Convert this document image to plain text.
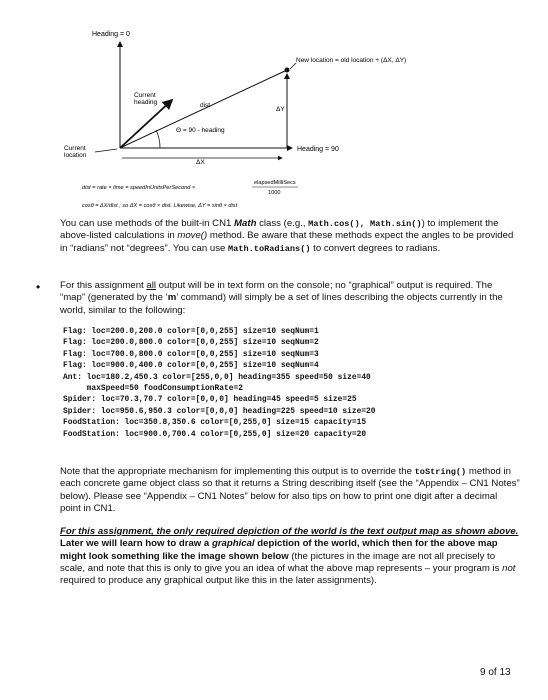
Heading = 0
Heading = 90
Current
heading	dist
ΔY
New location = old location + (ΔX, ΔY)
Θ = 90 - heading
ΔX
Current
location
dist = rate × time = speedInUnitsPerSecond ×
elapsedMilliSecs
1000
cosθ = ΔX/dist ; so ΔX = cosθ × dist. Likewise, ΔY = sinθ × dist
You can use methods of the built-in CN1 Math class (e.g., Math.cos(), Math.sin()) to implement the above-listed calculations in move() method. Be aware that these methods expect the angles to be provided in “radians” not “degrees”. You can use Math.toRadians() to convert degrees to radians.
• For this assignment all output will be in text form on the console; no “graphical” output is required. The “map” (generated by the ‘m’ command) will simply be a set of lines describing the objects currently in the world, similar to the following:
Flag: loc=200.0,200.0 color=[0,0,255] size=10 seqNum=1
Flag: loc=200.0,800.0 color=[0,0,255] size=10 seqNum=2
Flag: loc=700.0,800.0 color=[0,0,255] size=10 seqNum=3
Flag: loc=900.0,400.0 color=[0,0,255] size=10 seqNum=4
Ant: loc=180.2,450.3 color=[255,0,0] heading=355 speed=50 size=40
maxSpeed=50 foodConsumptionRate=2
Spider: loc=70.3,70.7 color=[0,0,0] heading=45 speed=5 size=25
Spider: loc=950.6,950.3 color=[0,0,0] heading=225 speed=10 size=20
FoodStation: loc=350.8,350.6 color=[0,255,0] size=15 capacity=15
FoodStation: loc=900.0,700.4 color=[0,255,0] size=20 capacity=20
Note that the appropriate mechanism for implementing this output is to override the toString() method in each concrete game object class so that it returns a String describing itself (see the “Appendix – CN1 Notes” below). Please see “Appendix – CN1 Notes” below for also tips on how to print one digit after a decimal point in CN1.
For this assignment, the only required depiction of the world is the text output map as shown above. Later we will learn how to draw a graphical depiction of the world, which then for the above map might look something like the image shown below (the pictures in the image are not all precisely to scale, and note that this is only to give you an idea of what the above map represents – your program is not required to produce any graphical output like this in the later assignments).
9 of 13
